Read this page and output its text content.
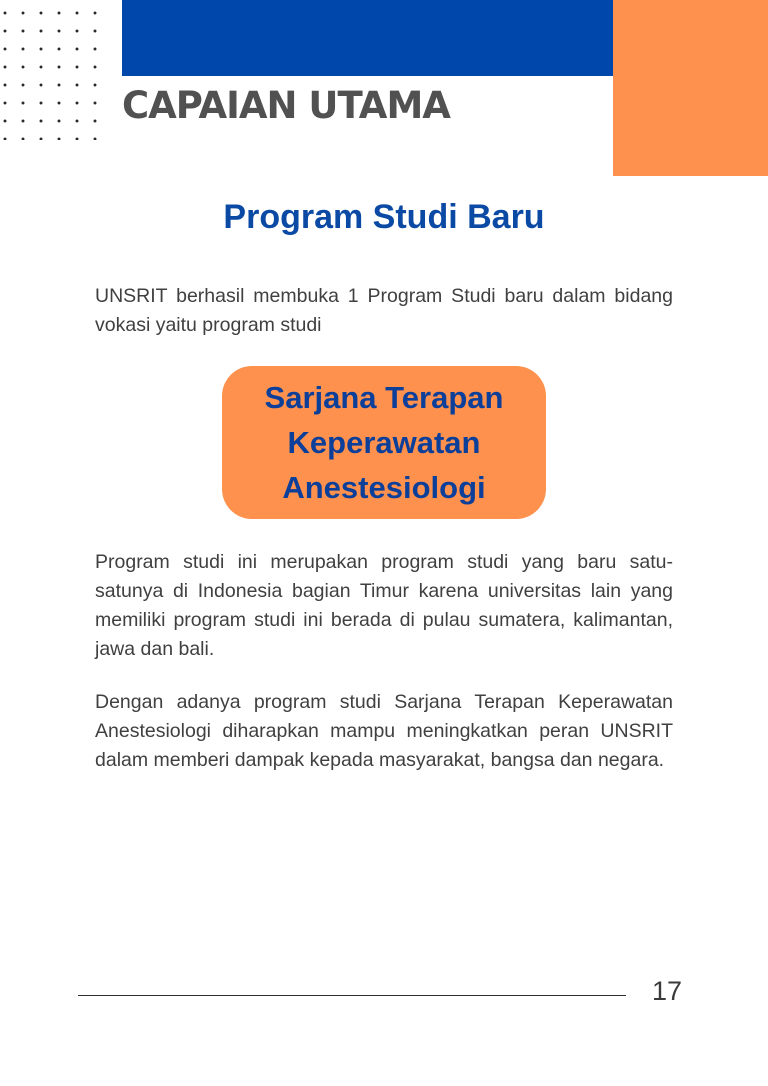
CAPAIAN UTAMA
Program Studi Baru

UNSRIT berhasil membuka 1 Program Studi baru dalam bidang vokasi yaitu program studi

Sarjana Terapan Keperawatan Anestesiologi

Program studi ini merupakan program studi yang baru satu-satunya di Indonesia bagian Timur karena universitas lain yang memiliki program studi ini berada di pulau sumatera, kalimantan, jawa dan bali.

Dengan adanya program studi Sarjana Terapan Keperawatan Anestesiologi diharapkan mampu meningkatkan peran UNSRIT dalam memberi dampak kepada masyarakat, bangsa dan negara.

17
